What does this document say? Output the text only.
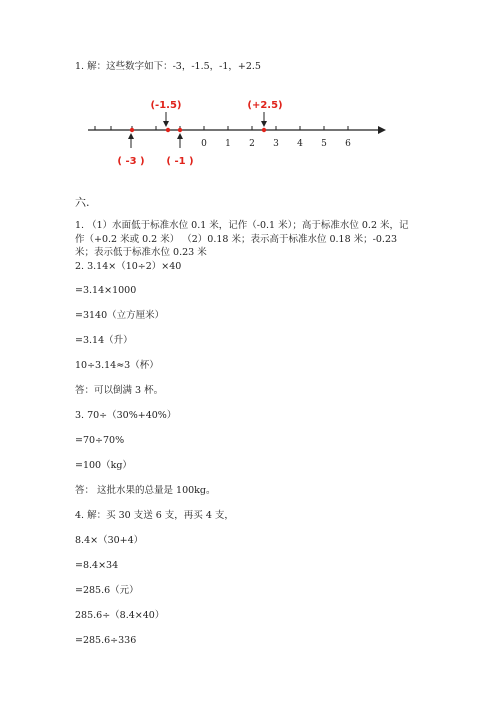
1. 解：这些数字如下：-3，-1.5，-1，+2.5
0 1 2 3 4 5 6
(-1.5)	(+2.5)
( -3 ) ( -1 )
六.
1. （1）水面低于标准水位 0.1 米，记作（-0.1 米）；高于标准水位 0.2 米，记
作（+0.2 米或 0.2 米） （2）0.18 米；表示高于标准水位 0.18 米；-0.23
米；表示低于标准水位 0.23 米
2. 3.14×（10÷2）×40
=3.14×1000
=3140（立方厘米）
=3.14（升）
10÷3.14≈3（杯）
答：可以倒满 3 杯。
3. 70÷（30%+40%）
=70÷70%
=100（kg）
答： 这批水果的总量是 100kg。
4. 解：买 30 支送 6 支，再买 4 支，
8.4×（30+4）
=8.4×34
=285.6（元）
285.6÷（8.4×40）
=285.6÷336
